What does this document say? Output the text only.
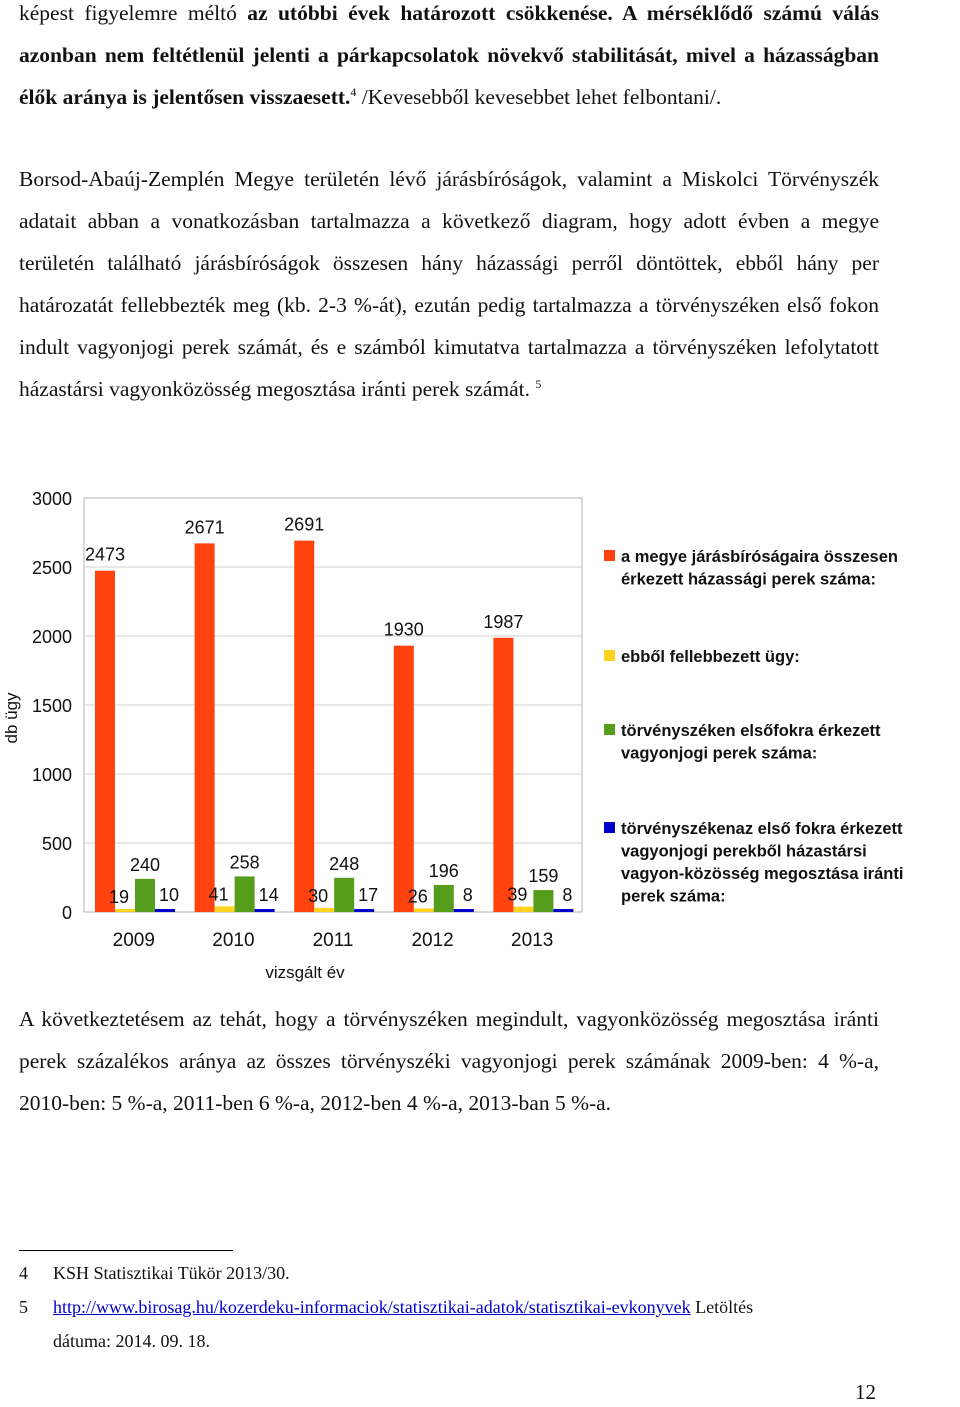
képest figyelemre méltó az utóbbi évek határozott csökkenése. A mérséklődő számú válás azonban nem feltétlenül jelenti a párkapcsolatok növekvő stabilitását, mivel a házasságban élők aránya is jelentősen visszaesett.$^4$ /Kevesebből kevesebbet lehet felbontani/.

Borsod-Abaúj-Zemplén Megye területén lévő járásbíróságok, valamint a Miskolci Törvényszék adatait abban a vonatkozásban tartalmazza a következő diagram, hogy adott évben a megye területén található járásbíróságok összesen hány házassági perről döntöttek, ebből hány per határozatát fellebbezték meg (kb. 2-3 %-át), ezután pedig tartalmazza a törvényszéken első fokon indult vagyonjogi perek számát, és e számból kimutatva tartalmazza a törvényszéken lefolytatott házastársi vagyonközösség megosztása iránti perek számát. $^5$

0
500
1000
1500
2000
2500
3000
2009
2473
19
240
10
2010
2671
41
258
14
2011
2691
30
248
17
2012
1930
26
196
8
2013
1987
39
159
8
vizsgált év
db ügy
a megye járásbíróságaira összesen érkezett házassági perek száma:
ebből fellebbezett ügy:
törvényszéken elsőfokra érkezett vagyonjogi perek száma:
törvényszékenaz első fokra érkezett vagyonjogi perekből házastársi vagyon-közösség megosztása iránti perek száma:

A következtetésem az tehát, hogy a törvényszéken megindult, vagyonközösség megosztása iránti perek százalékos aránya az összes törvényszéki vagyonjogi perek számának 2009-ben: 4 %-a, 2010-ben: 5 %-a, 2011-ben 6 %-a, 2012-ben 4 %-a, 2013-ban 5 %-a.

4 KSH Statisztikai Tükör 2013/30.
5 http://www.birosag.hu/kozerdeku-informaciok/statisztikai-adatok/statisztikai-evkonyvek Letöltés
dátuma: 2014. 09. 18.
12
